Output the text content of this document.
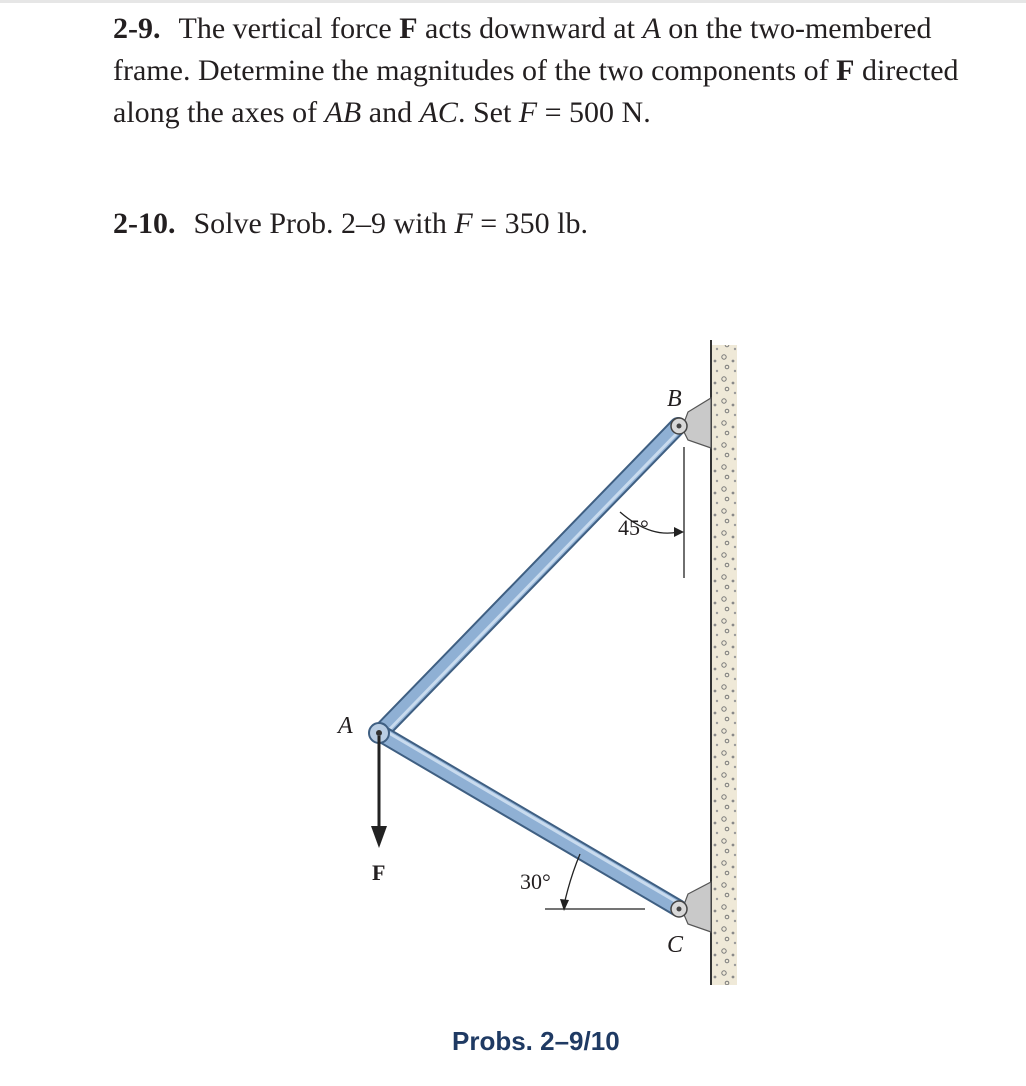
2-9. The vertical force F acts downward at A on the two-membered frame. Determine the magnitudes of the two components of F directed along the axes of AB and AC. Set F = 500 N.

2-10. Solve Prob. 2–9 with F = 350 lb.

B
A
C
F
45°
30°
Probs. 2–9/10
